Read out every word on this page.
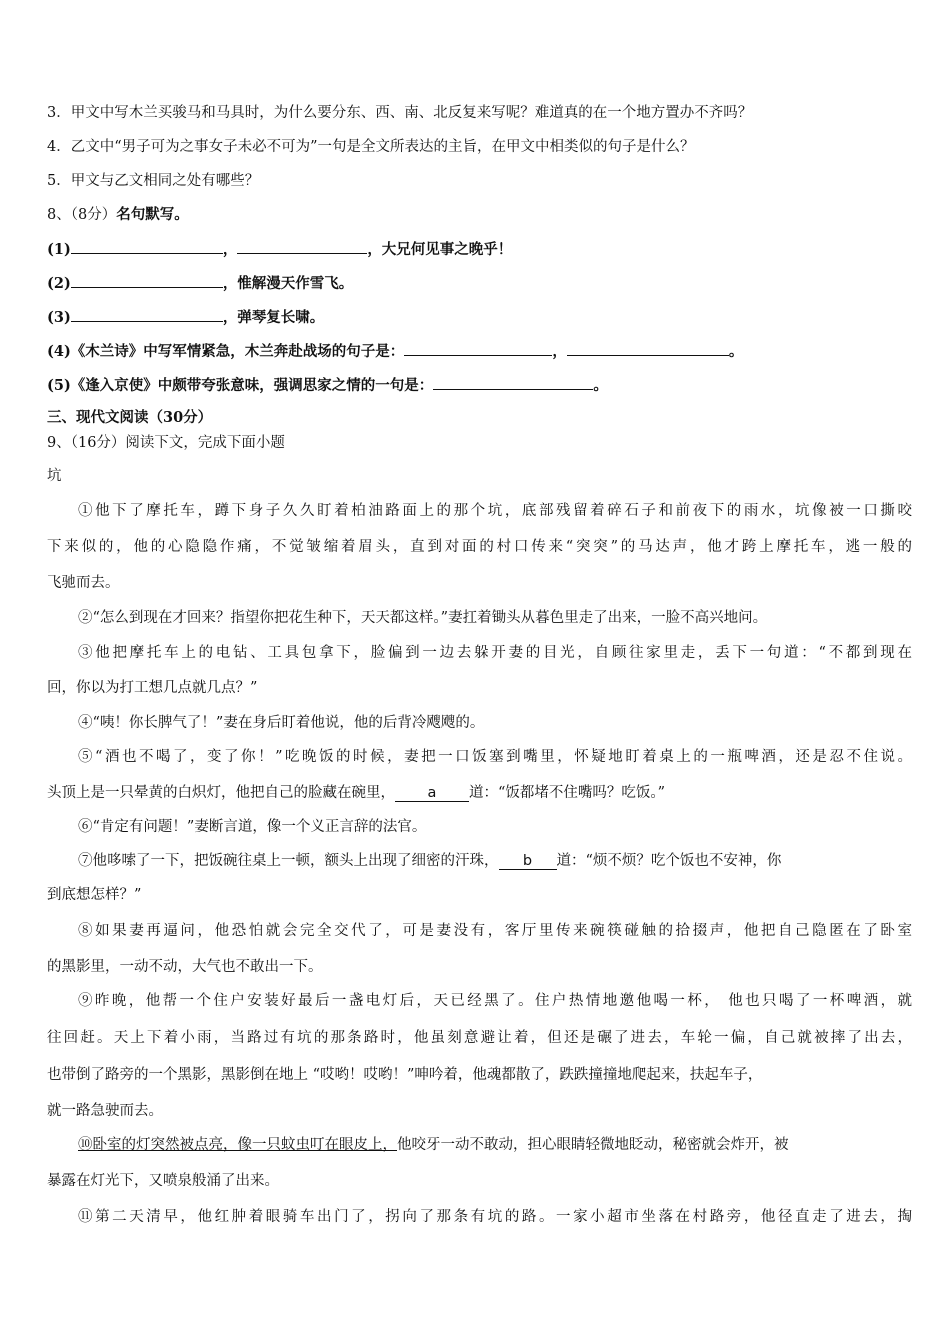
3．甲文中写木兰买骏马和马具时，为什么要分东、西、南、北反复来写呢？难道真的在一个地方置办不齐吗？
4．乙文中“男子可为之事女子未必不可为”一句是全文所表达的主旨，在甲文中相类似的句子是什么？
5．甲文与乙文相同之处有哪些？
8、（8分）名句默写。
(1)	，	，大兄何见事之晚乎！
(2)	，惟解漫天作雪飞。
(3)	，弹琴复长啸。
(4)《木兰诗》中写军情紧急，木兰奔赴战场的句子是：	，	。
(5)《逢入京使》中颇带夸张意味，强调思家之情的一句是：	。
三、现代文阅读（30分）
9、（16分）阅读下文，完成下面小题
坑
①他下了摩托车，蹲下身子久久盯着柏油路面上的那个坑，底部残留着碎石子和前夜下的雨水，坑像被一口撕咬
下来似的，他的心隐隐作痛，不觉皱缩着眉头，直到对面的村口传来“突突”的马达声，他才跨上摩托车，逃一般的
飞驰而去。
②“怎么到现在才回来？指望你把花生种下，天天都这样。”妻扛着锄头从暮色里走了出来，一脸不高兴地问。
③他把摩托车上的电钻、工具包拿下，脸偏到一边去躲开妻的目光，自顾往家里走，丢下一句道：“不都到现在
回，你以为打工想几点就几点？”
④“咦！你长脾气了！”妻在身后盯着他说，他的后背冷飕飕的。
⑤“酒也不喝了，变了你！”吃晚饭的时候，妻把一口饭塞到嘴里，怀疑地盯着桌上的一瓶啤酒，还是忍不住说。
头顶上是一只晕黄的白炽灯，他把自己的脸藏在碗里， a 道：“饭都堵不住嘴吗？吃饭。”
⑥“肯定有问题！”妻断言道，像一个义正言辞的法官。
⑦他哆嗦了一下，把饭碗往桌上一顿，额头上出现了细密的汗珠， b 道：“烦不烦？吃个饭也不安神，你
到底想怎样？”
⑧如果妻再逼问，他恐怕就会完全交代了，可是妻没有，客厅里传来碗筷碰触的拾掇声，他把自己隐匿在了卧室
的黑影里，一动不动，大气也不敢出一下。
⑨昨晚，他帮一个住户安装好最后一盏电灯后，天已经黑了。住户热情地邀他喝一杯， 他也只喝了一杯啤酒，就
往回赶。天上下着小雨，当路过有坑的那条路时，他虽刻意避让着，但还是碾了进去，车轮一偏，自己就被摔了出去，
也带倒了路旁的一个黑影，黑影倒在地上 “哎哟！哎哟！”呻吟着，他魂都散了，跌跌撞撞地爬起来，扶起车子，
就一路急驶而去。
⑩卧室的灯突然被点亮，像一只蚊虫叮在眼皮上，他咬牙一动不敢动，担心眼睛轻微地眨动，秘密就会炸开，被
暴露在灯光下，又喷泉般涌了出来。
⑪第二天清早，他红肿着眼骑车出门了，拐向了那条有坑的路。一家小超市坐落在村路旁，他径直走了进去，掏
